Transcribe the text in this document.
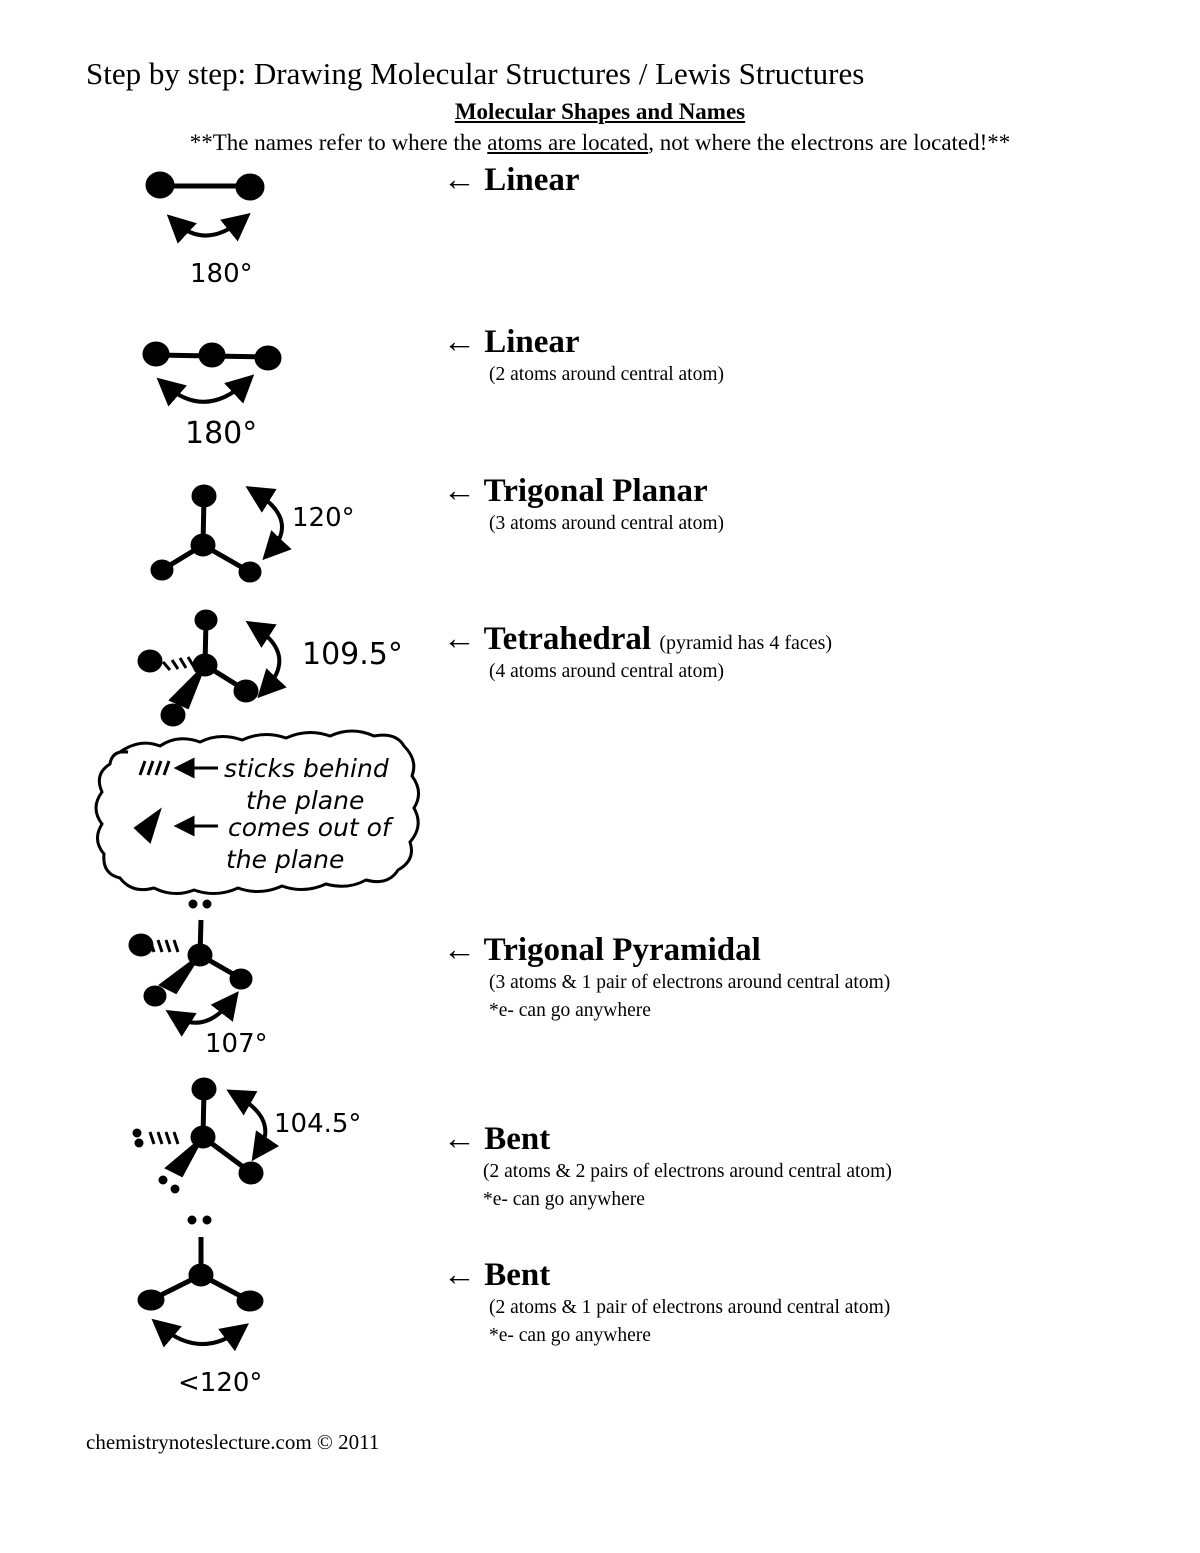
Step by step: Drawing Molecular Structures / Lewis Structures
Molecular Shapes and Names
**The names refer to where the atoms are located, not where the electrons are located!**
← Linear
← Linear
(2 atoms around central atom)
← Trigonal Planar
(3 atoms around central atom)
← Tetrahedral (pyramid has 4 faces)
(4 atoms around central atom)
← Trigonal Pyramidal
(3 atoms & 1 pair of electrons around central atom)
*e- can go anywhere
← Bent
(2 atoms & 2 pairs of electrons around central atom)
*e- can go anywhere
← Bent
(2 atoms & 1 pair of electrons around central atom)
*e- can go anywhere
chemistrynoteslecture.com © 2011
180°
180°
120°
109.5°
sticks behind
the plane
comes out of
the plane
107°
104.5°
<120°
